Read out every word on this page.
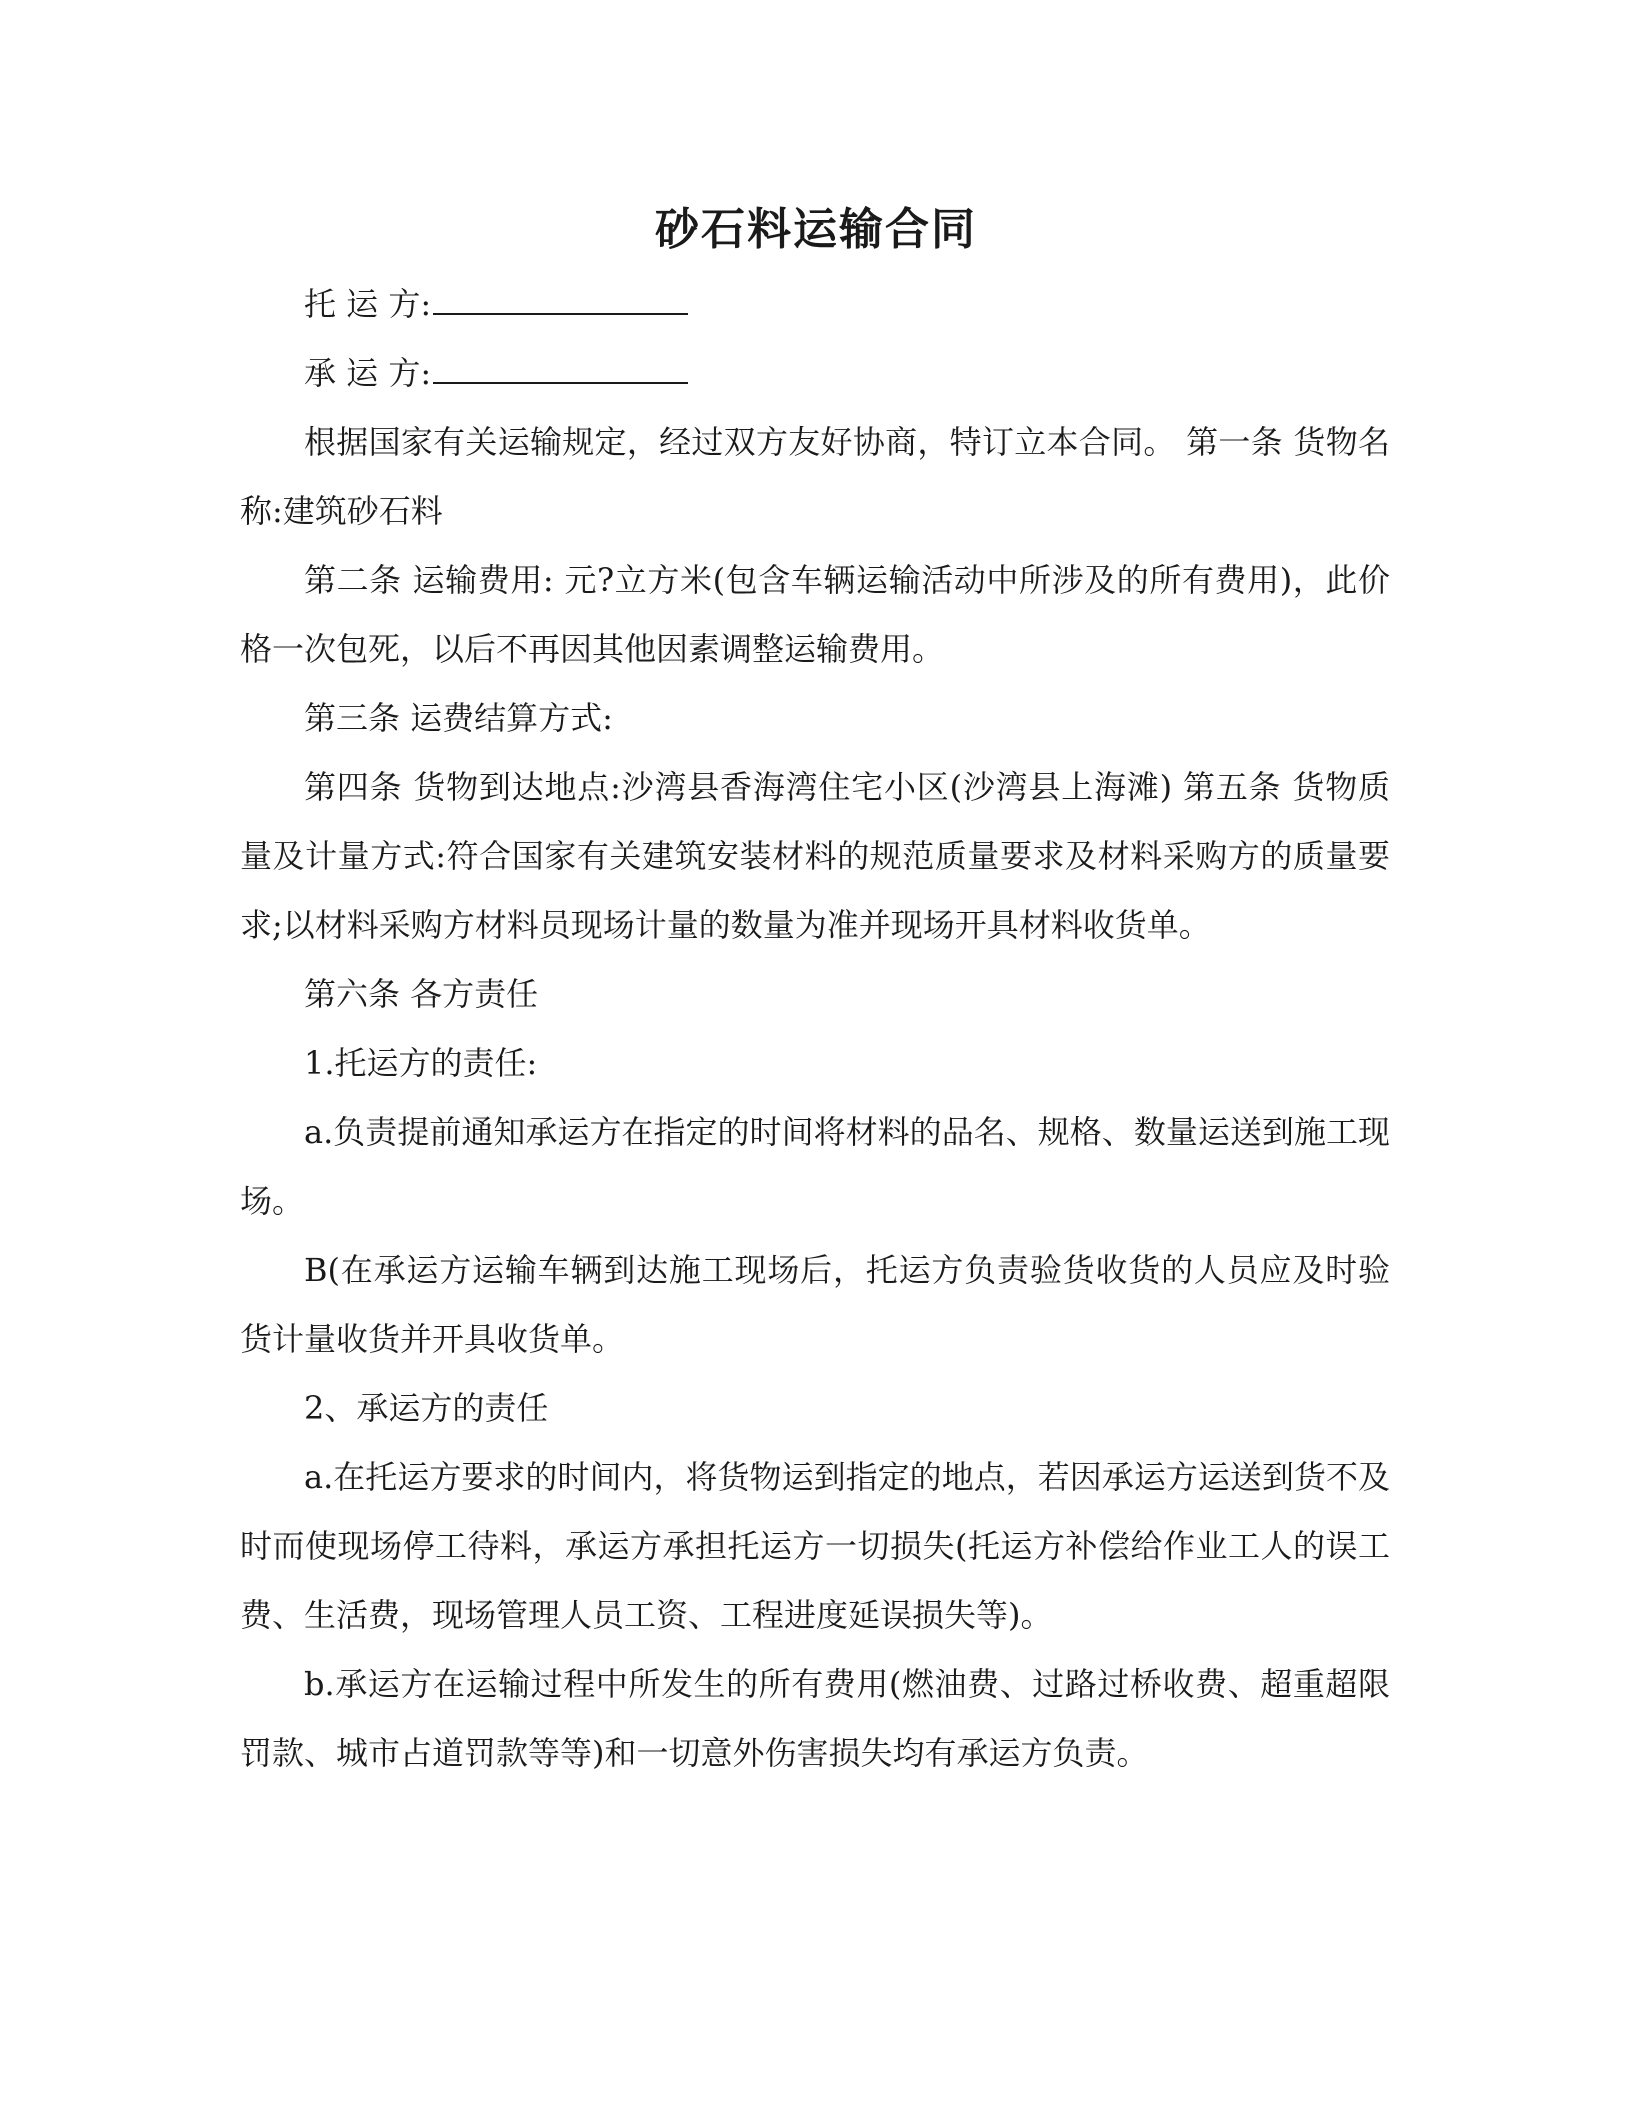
砂石料运输合同

托 运 方:

承 运 方:

根据国家有关运输规定，经过双方友好协商，特订立本合同。 第一条 货物名称:建筑砂石料

第二条 运输费用: 元?立方米(包含车辆运输活动中所涉及的所有费用)，此价格一次包死，以后不再因其他因素调整运输费用。

第三条 运费结算方式:

第四条 货物到达地点:沙湾县香海湾住宅小区(沙湾县上海滩) 第五条 货物质量及计量方式:符合国家有关建筑安装材料的规范质量要求及材料采购方的质量要求;以材料采购方材料员现场计量的数量为准并现场开具材料收货单。

第六条 各方责任

1.托运方的责任:

a.负责提前通知承运方在指定的时间将材料的品名、规格、数量运送到施工现场。

B(在承运方运输车辆到达施工现场后，托运方负责验货收货的人员应及时验货计量收货并开具收货单。

2、承运方的责任

a.在托运方要求的时间内，将货物运到指定的地点，若因承运方运送到货不及时而使现场停工待料，承运方承担托运方一切损失(托运方补偿给作业工人的误工费、生活费，现场管理人员工资、工程进度延误损失等)。

b.承运方在运输过程中所发生的所有费用(燃油费、过路过桥收费、超重超限罚款、城市占道罚款等等)和一切意外伤害损失均有承运方负责。
